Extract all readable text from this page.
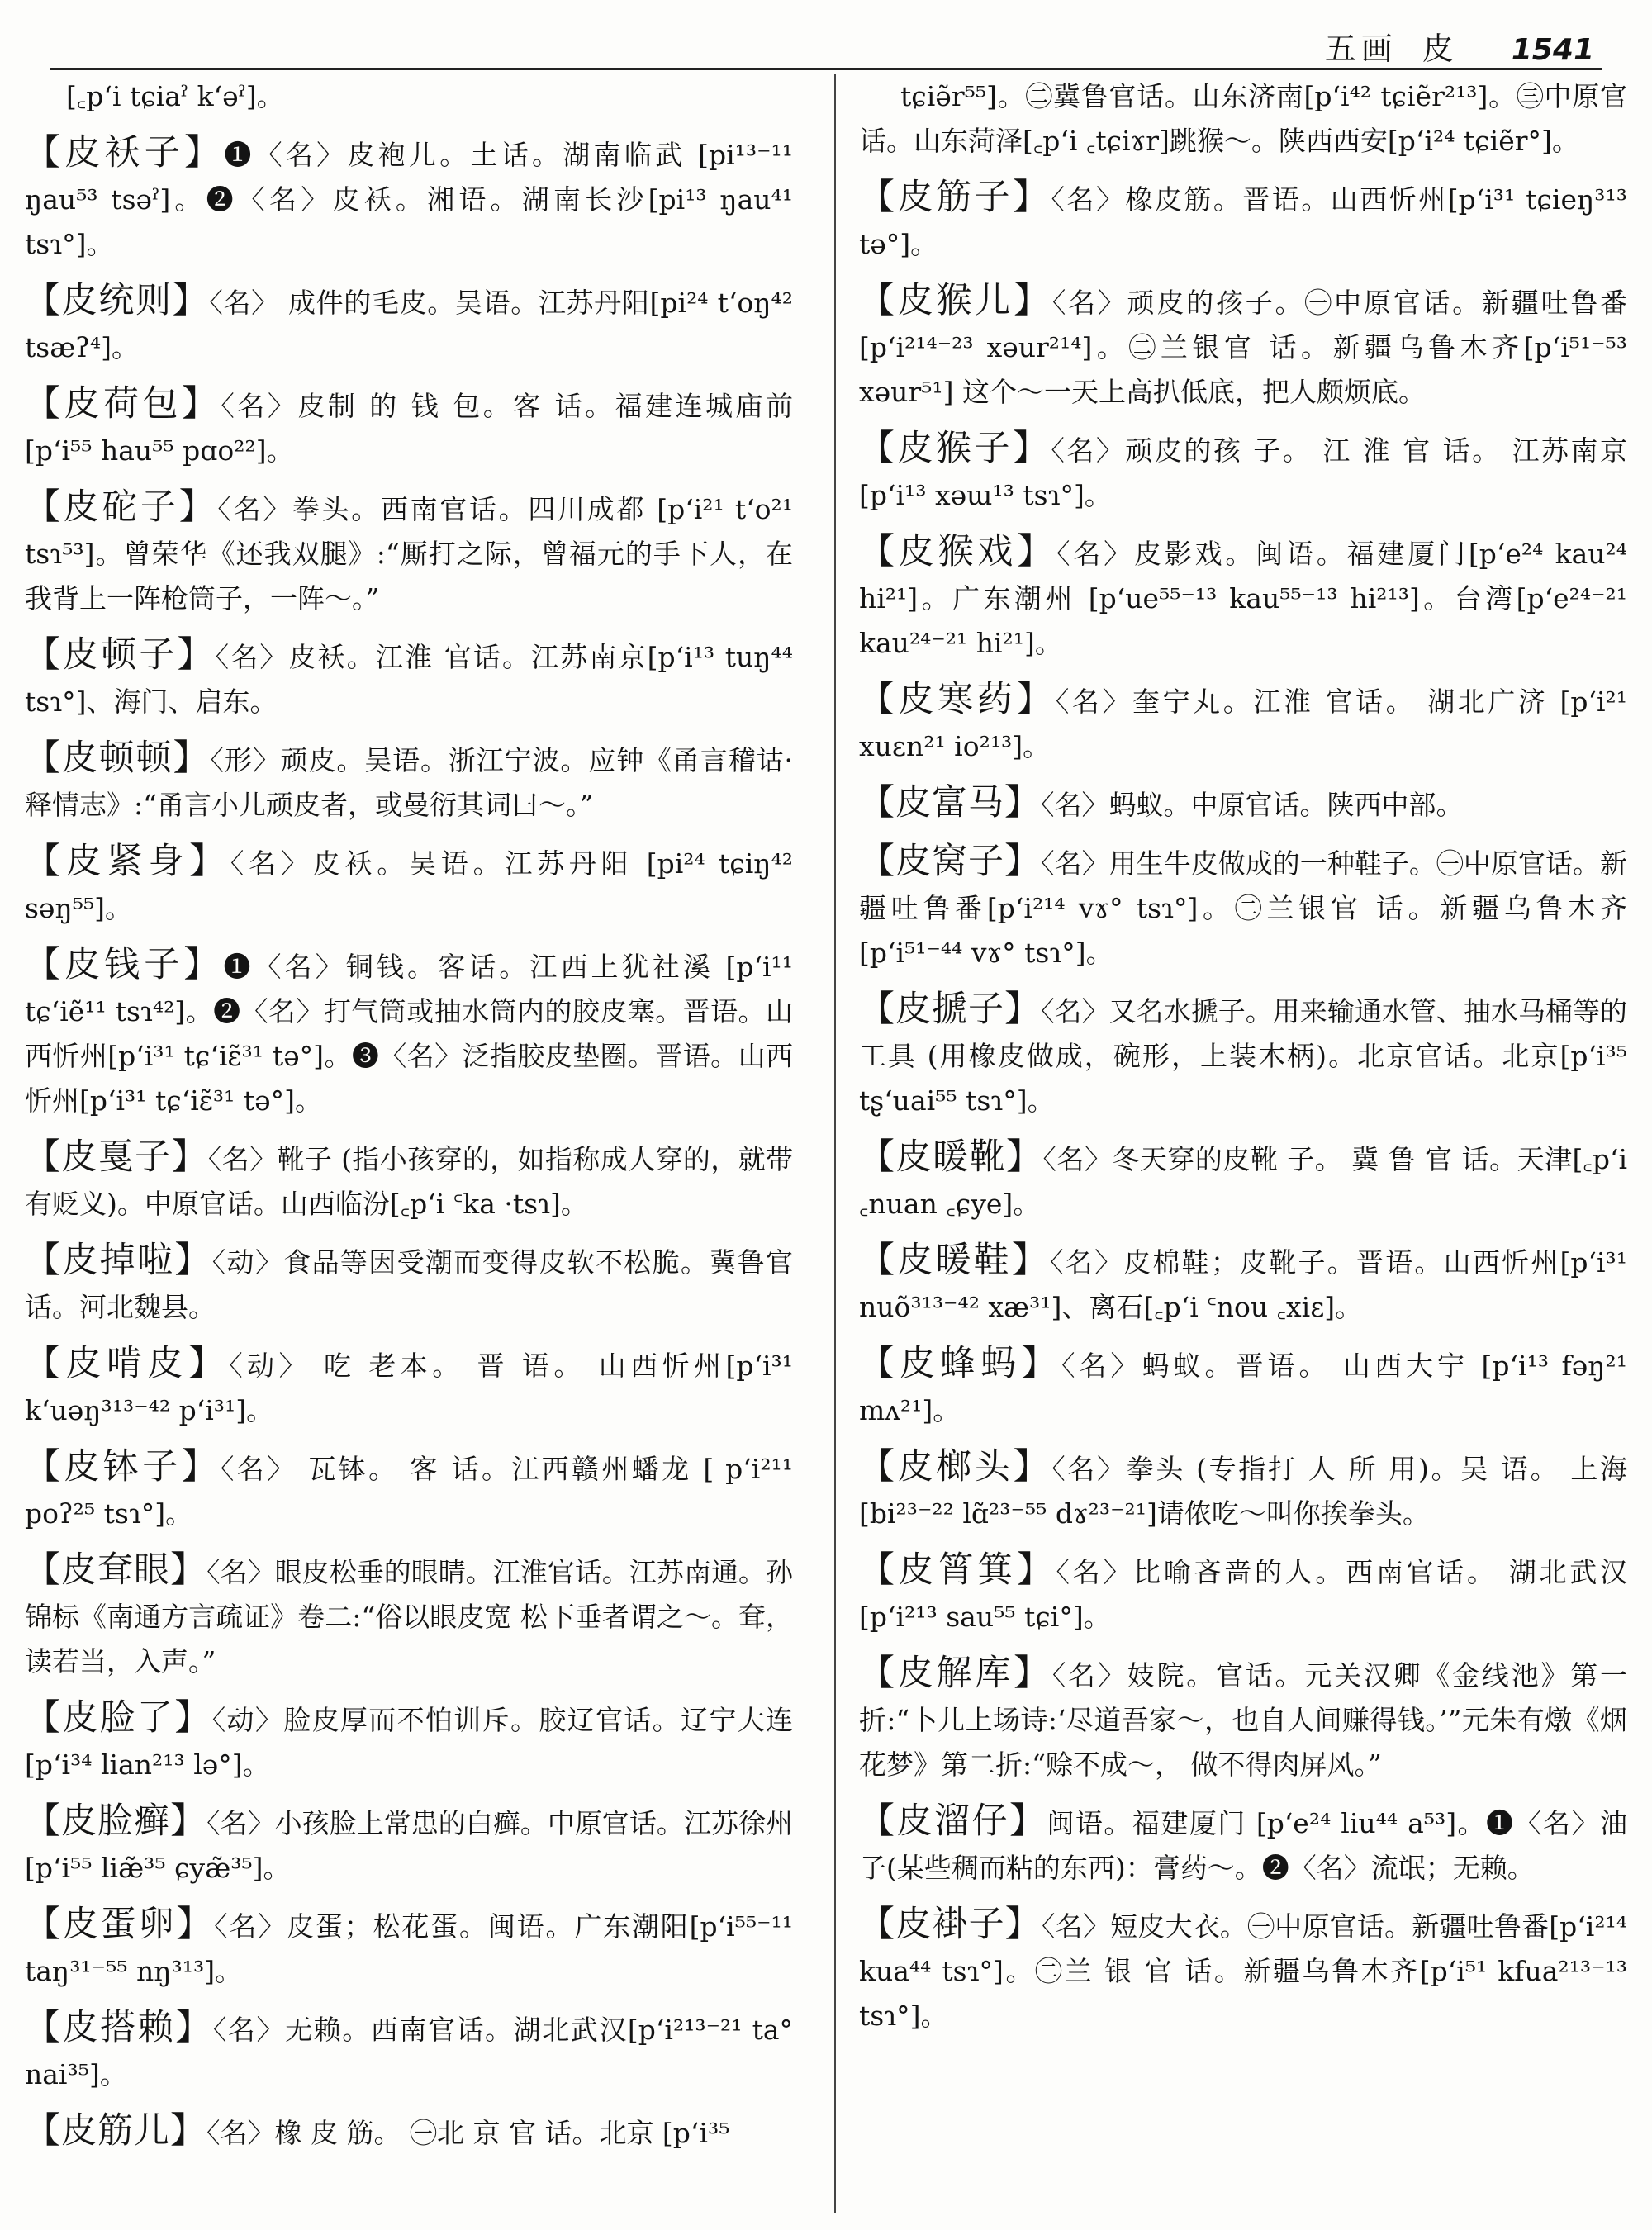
五画 皮 1541

[꜀pʻi tɕiaˀ kʻəˀ]。

【皮袄子】❶〈名〉皮袍儿。土话。湖南临武 [pi¹³⁻¹¹ ŋau⁵³ tsəˀ]。❷〈名〉皮袄。湘语。湖南长沙[pi¹³ ŋau⁴¹ tsɿ°]。

【皮统则】〈名〉 成件的毛皮。吴语。江苏丹阳[pi²⁴ tʻoŋ⁴² tsæʔ⁴]。

【皮荷包】〈名〉皮制 的 钱 包。客 话。福建连城庙前 [pʻi⁵⁵ hau⁵⁵ pɑo²²]。

【皮砣子】〈名〉拳头。西南官话。四川成都 [pʻi²¹ tʻo²¹ tsɿ⁵³]。曾荣华《还我双腿》:“厮打之际，曾福元的手下人，在我背上一阵枪筒子，一阵～。”

【皮顿子】〈名〉皮袄。江淮 官话。江苏南京[pʻi¹³ tuŋ⁴⁴ tsɿ°]、海门、启东。

【皮顿顿】〈形〉顽皮。吴语。浙江宁波。应钟《甬言稽诂·释情志》:“甬言小儿顽皮者，或曼衍其词曰～。”

【皮紧身】〈名〉皮袄。吴语。江苏丹阳 [pi²⁴ tɕiŋ⁴² səŋ⁵⁵]。

【皮钱子】❶〈名〉铜钱。客话。江西上犹社溪 [pʻi¹¹ tɕʻiẽ¹¹ tsɿ⁴²]。❷〈名〉打气筒或抽水筒内的胶皮塞。晋语。山西忻州[pʻi³¹ tɕʻiɛ̃³¹ tə°]。❸〈名〉泛指胶皮垫圈。晋语。山西忻州[pʻi³¹ tɕʻiɛ̃³¹ tə°]。

【皮戛子】〈名〉靴子 (指小孩穿的，如指称成人穿的，就带有贬义)。中原官话。山西临汾[꜀pʻi ꜂ka ·tsɿ]。

【皮掉啦】〈动〉食品等因受潮而变得皮软不松脆。冀鲁官话。河北魏县。

【皮啃皮】〈动〉 吃 老本。 晋 语。 山西忻州[pʻi³¹ kʻuəŋ³¹³⁻⁴² pʻi³¹]。

【皮钵子】〈名〉 瓦钵。 客 话。江西赣州蟠龙 [ pʻi²¹¹ poʔ²⁵ tsɿ°]。

【皮耷眼】〈名〉眼皮松垂的眼睛。江淮官话。江苏南通。孙锦标《南通方言疏证》卷二:“俗以眼皮宽 松下垂者谓之～。耷，读若当，入声。”

【皮脸了】〈动〉脸皮厚而不怕训斥。胶辽官话。辽宁大连[pʻi³⁴ lian²¹³ lə°]。

【皮脸癣】〈名〉小孩脸上常患的白癣。中原官话。江苏徐州[pʻi⁵⁵ liæ̃³⁵ ɕyæ̃³⁵]。

【皮蛋卵】〈名〉皮蛋；松花蛋。闽语。广东潮阳[pʻi⁵⁵⁻¹¹ taŋ³¹⁻⁵⁵ nŋ³¹³]。

【皮搭赖】〈名〉无赖。西南官话。湖北武汉[pʻi²¹³⁻²¹ ta° nai³⁵]。

【皮筋儿】〈名〉橡 皮 筋。 ㊀北 京 官 话。北京 [pʻi³⁵

tɕiə̃r⁵⁵]。㊁冀鲁官话。山东济南[pʻi⁴² tɕiẽr²¹³]。㊂中原官话。山东菏泽[꜀pʻi ꜀tɕiɤr]跳猴～。陕西西安[pʻi²⁴ tɕiẽr°]。

【皮筋子】〈名〉橡皮筋。晋语。山西忻州[pʻi³¹ tɕieŋ³¹³ tə°]。

【皮猴儿】〈名〉顽皮的孩子。㊀中原官话。新疆吐鲁番[pʻi²¹⁴⁻²³ xəur²¹⁴]。㊁兰银官 话。新疆乌鲁木齐[pʻi⁵¹⁻⁵³ xəur⁵¹] 这个～一天上高扒低底，把人颇烦底。

【皮猴子】〈名〉顽皮的孩 子。 江 淮 官 话。 江苏南京[pʻi¹³ xəɯ¹³ tsɿ°]。

【皮猴戏】〈名〉皮影戏。闽语。福建厦门[pʻe²⁴ kau²⁴ hi²¹]。广东潮州 [pʻue⁵⁵⁻¹³ kau⁵⁵⁻¹³ hi²¹³]。台湾[pʻe²⁴⁻²¹ kau²⁴⁻²¹ hi²¹]。

【皮寒药】〈名〉奎宁丸。江淮 官话。 湖北广济 [pʻi²¹ xuɛn²¹ io²¹³]。

【皮富马】〈名〉蚂蚁。中原官话。陕西中部。

【皮窝子】〈名〉用生牛皮做成的一种鞋子。㊀中原官话。新疆吐鲁番[pʻi²¹⁴ vɤ° tsɿ°]。㊁兰银官 话。新疆乌鲁木齐[pʻi⁵¹⁻⁴⁴ vɤ° tsɿ°]。

【皮搋子】〈名〉又名水搋子。用来输通水管、抽水马桶等的工具 (用橡皮做成，碗形，上装木柄)。北京官话。北京[pʻi³⁵ tʂʻuai⁵⁵ tsɿ°]。

【皮暖靴】〈名〉冬天穿的皮靴 子。 冀 鲁 官 话。天津[꜀pʻi ꜀nuan ꜀ɕye]。

【皮暖鞋】〈名〉皮棉鞋；皮靴子。晋语。山西忻州[pʻi³¹ nuõ³¹³⁻⁴² xæ³¹]、离石[꜀pʻi ꜂nou ꜀xiɛ]。

【皮蜂蚂】〈名〉蚂蚁。晋语。 山西大宁 [pʻi¹³ fəŋ²¹ mʌ²¹]。

【皮榔头】〈名〉拳头 (专指打 人 所 用)。吴 语。 上海[bi²³⁻²² lɑ̃²³⁻⁵⁵ dɤ²³⁻²¹]请侬吃～叫你挨拳头。

【皮筲箕】〈名〉比喻吝啬的人。西南官话。 湖北武汉[pʻi²¹³ sau⁵⁵ tɕi°]。

【皮解库】〈名〉妓院。官话。元关汉卿《金线池》第一折:“卜儿上场诗:‘尽道吾家～，也自人间赚得钱。’”元朱有燉《烟花梦》第二折:“赊不成～， 做不得肉屏风。”

【皮溜仔】闽语。福建厦门 [pʻe²⁴ liu⁴⁴ a⁵³]。❶〈名〉油子(某些稠而粘的东西)：膏药～。❷〈名〉流氓；无赖。

【皮褂子】〈名〉短皮大衣。㊀中原官话。新疆吐鲁番[pʻi²¹⁴ kua⁴⁴ tsɿ°]。㊁兰 银 官 话。新疆乌鲁木齐[pʻi⁵¹ kfua²¹³⁻¹³ tsɿ°]。
